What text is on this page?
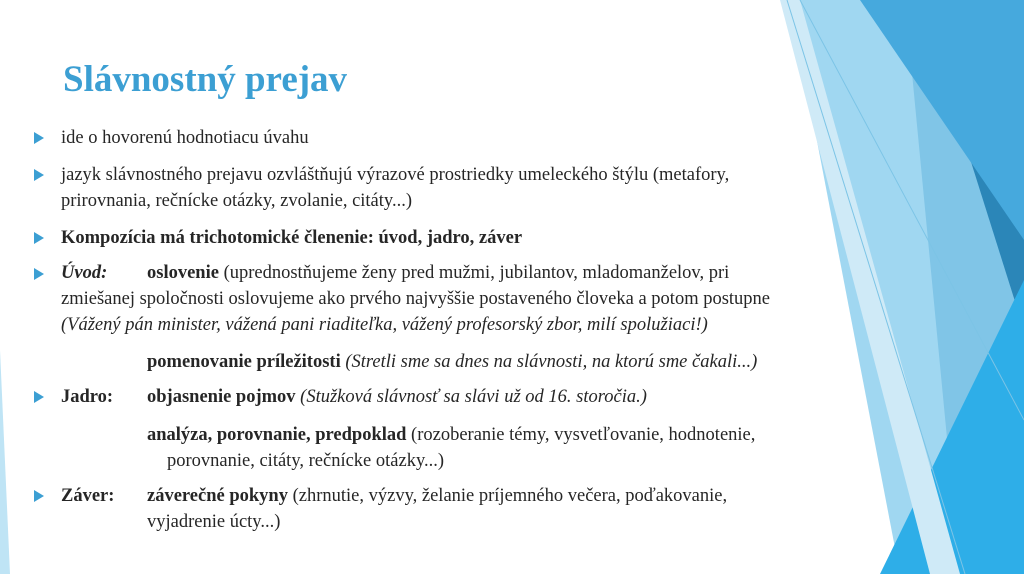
Slávnostný prejav
ide o hovorenú hodnotiacu úvahu
jazyk slávnostného prejavu ozvláštňujú výrazové prostriedky umeleckého štýlu (metafory,
prirovnania, rečnícke otázky, zvolanie, citáty...)
Kompozícia má trichotomické členenie: úvod, jadro, záver
Úvod: oslovenie (uprednostňujeme ženy pred mužmi, jubilantov, mladomanželov, pri
zmiešanej spoločnosti oslovujeme ako prvého najvyššie postaveného človeka a potom postupne
(Vážený pán minister, vážená pani riaditeľka, vážený profesorský zbor, milí spolužiaci!)
pomenovanie príležitosti (Stretli sme sa dnes na slávnosti, na ktorú sme čakali...)
Jadro: objasnenie pojmov (Stužková slávnosť sa slávi už od 16. storočia.)
analýza, porovnanie, predpoklad (rozoberanie témy, vysvetľovanie, hodnotenie,
porovnanie, citáty, rečnícke otázky...)
Záver: záverečné pokyny (zhrnutie, výzvy, želanie príjemného večera, poďakovanie,
vyjadrenie úcty...)
